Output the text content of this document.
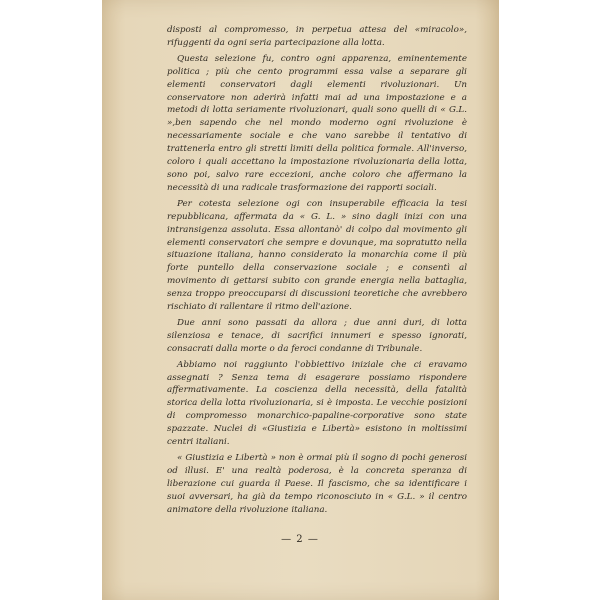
disposti al compromesso, in perpetua attesa del «miracolo», rifuggenti da ogni seria partecipazione alla lotta.

Questa selezione fu, contro ogni apparenza, eminentemente politica ; più che cento programmi essa valse a separare gli elementi conservatori dagli elementi rivoluzionari. Un conservatore non aderirà infatti mai ad una impostazione e a metodi di lotta seriamente rivoluzionari, quali sono quelli di « G.L. »,ben sapendo che nel mondo moderno ogni rivoluzione è necessariamente sociale e che vano sarebbe il tentativo di trattenerla entro gli stretti limiti della politica formale. All'inverso, coloro i quali accettano la impostazione rivoluzionaria della lotta, sono poi, salvo rare eccezioni, anche coloro che affermano la necessità di una radicale trasformazione dei rapporti sociali.

Per cotesta selezione ogi con insuperabile efficacia la tesi repubblicana, affermata da « G. L. » sino dagli inizi con una intransigenza assoluta. Essa allontanò' di colpo dal movimento gli elementi conservatori che sempre e dovunque, ma sopratutto nella situazione italiana, hanno considerato la monarchia come il più forte puntello della conservazione sociale ; e consentì al movimento di gettarsi subito con grande energia nella battaglia, senza troppo preoccuparsi di discussioni teoretiche che avrebbero rischiato di rallentare il ritmo dell'azione.

Due anni sono passati da allora ; due anni duri, di lotta silenziosa e tenace, di sacrifici innumeri e spesso ignorati, consacrati dalla morte o da feroci condanne di Tribunale.

Abbiamo noi raggiunto l'obbiettivo iniziale che ci eravamo assegnati ? Senza tema di esagerare possiamo rispondere affermativamente. La coscienza della necessità, della fatalità storica della lotta rivoluzionaria, si è imposta. Le vecchie posizioni di compromesso monarchico-papaline-corporative sono state spazzate. Nuclei di «Giustizia e Libertà» esistono in moltissimi centri italiani.

« Giustizia e Libertà » non è ormai più il sogno di pochi generosi od illusi. E' una realtà poderosa, è la concreta speranza di liberazione cui guarda il Paese. Il fascismo, che sa identificare i suoi avversari, ha già da tempo riconosciuto in « G.L. » il centro animatore della rivoluzione italiana.

— 2 —
